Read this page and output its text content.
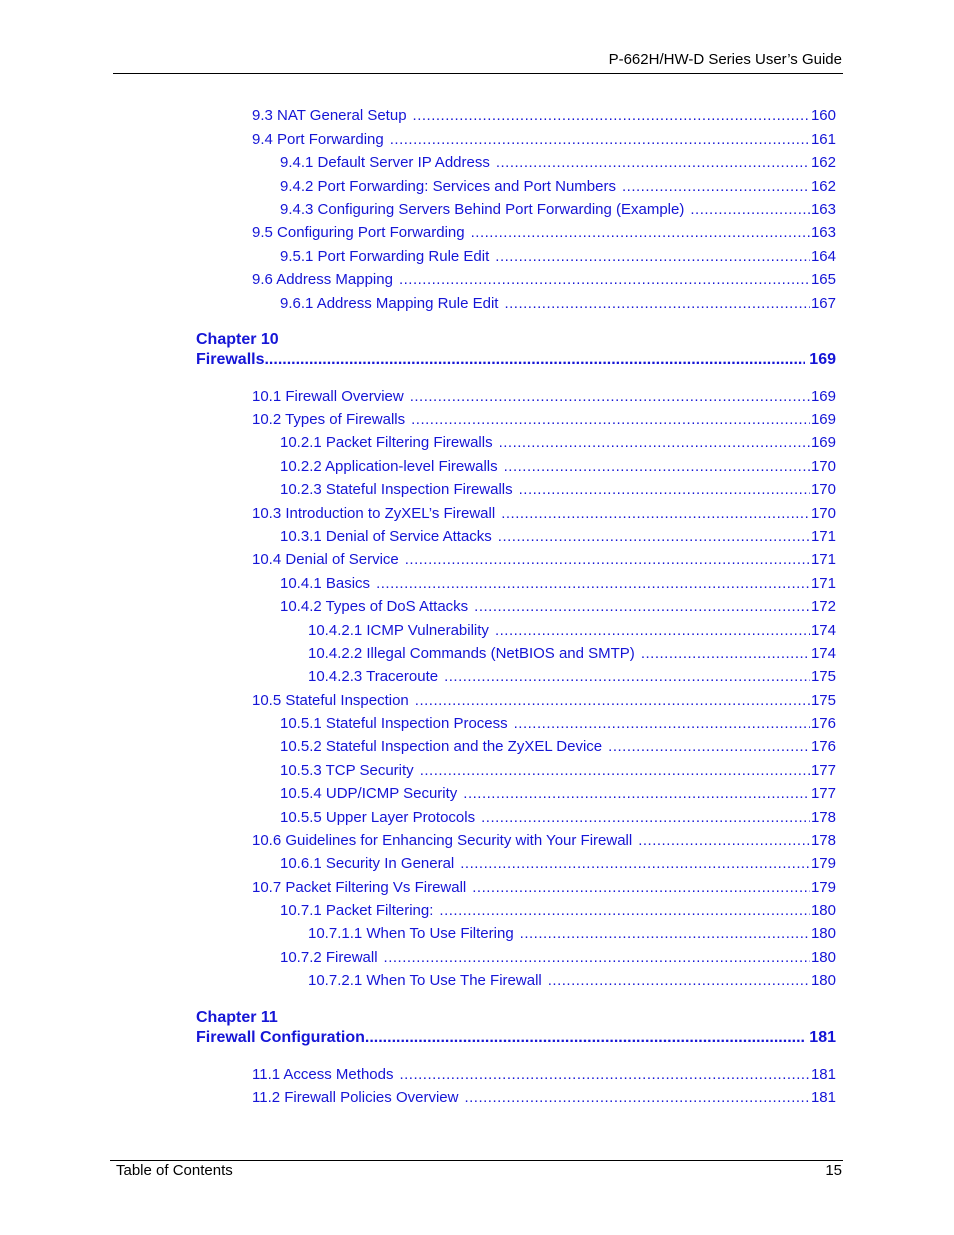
P-662H/HW-D Series User’s Guide
9.3 NAT General Setup .....	160
9.4 Port Forwarding .....	161
9.4.1 Default Server IP Address .....	162
9.4.2 Port Forwarding: Services and Port Numbers .....	162
9.4.3 Configuring Servers Behind Port Forwarding (Example) .....	163
9.5 Configuring Port Forwarding .....	163
9.5.1 Port Forwarding Rule Edit .....	164
9.6 Address Mapping .....	165
9.6.1 Address Mapping Rule Edit .....	167
Chapter 10
Firewalls .....	169
10.1 Firewall Overview .....	169
10.2 Types of Firewalls .....	169
10.2.1 Packet Filtering Firewalls .....	169
10.2.2 Application-level Firewalls .....	170
10.2.3 Stateful Inspection Firewalls .....	170
10.3 Introduction to ZyXEL’s Firewall .....	170
10.3.1 Denial of Service Attacks .....	171
10.4 Denial of Service .....	171
10.4.1 Basics .....	171
10.4.2 Types of DoS Attacks .....	172
10.4.2.1 ICMP Vulnerability .....	174
10.4.2.2 Illegal Commands (NetBIOS and SMTP) .....	174
10.4.2.3 Traceroute .....	175
10.5 Stateful Inspection .....	175
10.5.1 Stateful Inspection Process .....	176
10.5.2 Stateful Inspection and the ZyXEL Device .....	176
10.5.3 TCP Security .....	177
10.5.4 UDP/ICMP Security .....	177
10.5.5 Upper Layer Protocols .....	178
10.6 Guidelines for Enhancing Security with Your Firewall .....	178
10.6.1 Security In General .....	179
10.7 Packet Filtering Vs Firewall .....	179
10.7.1 Packet Filtering: .....	180
10.7.1.1 When To Use Filtering .....	180
10.7.2 Firewall .....	180
10.7.2.1 When To Use The Firewall .....	180
Chapter 11
Firewall Configuration .....	181
11.1 Access Methods .....	181
11.2 Firewall Policies Overview .....	181
Table of Contents	15
